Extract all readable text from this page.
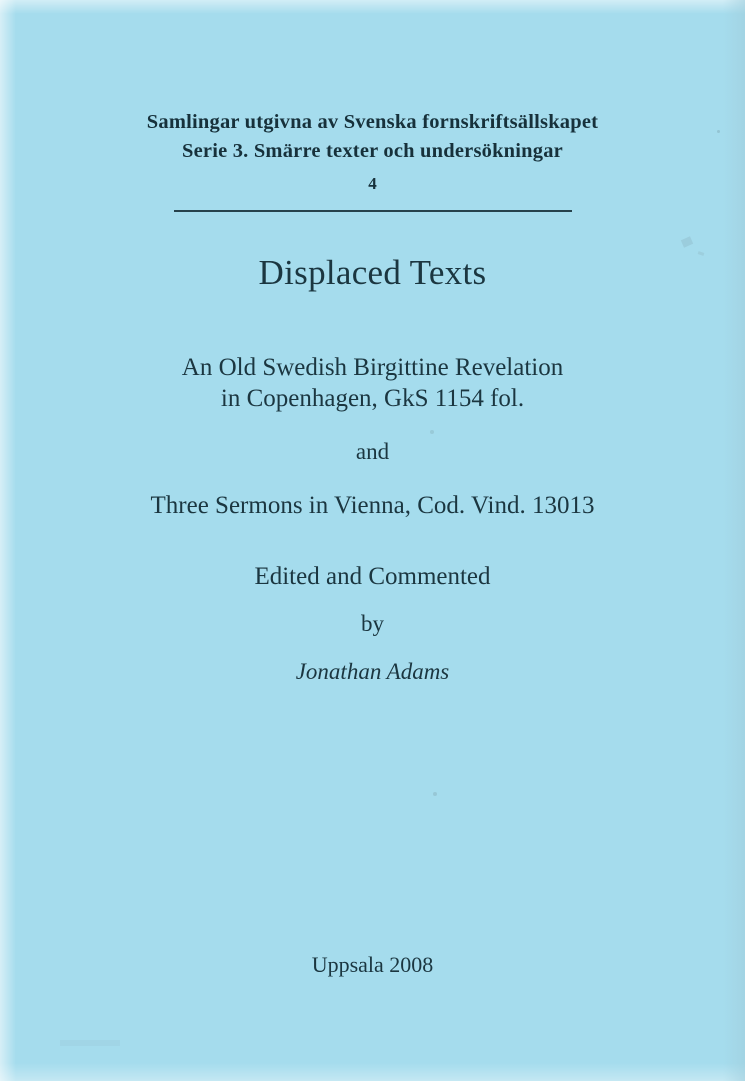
Samlingar utgivna av Svenska fornskriftsällskapet
Serie 3. Smärre texter och undersökningar
4
Displaced Texts
An Old Swedish Birgittine Revelation
in Copenhagen, GkS 1154 fol.
and
Three Sermons in Vienna, Cod. Vind. 13013
Edited and Commented
by
Jonathan Adams
Uppsala 2008
